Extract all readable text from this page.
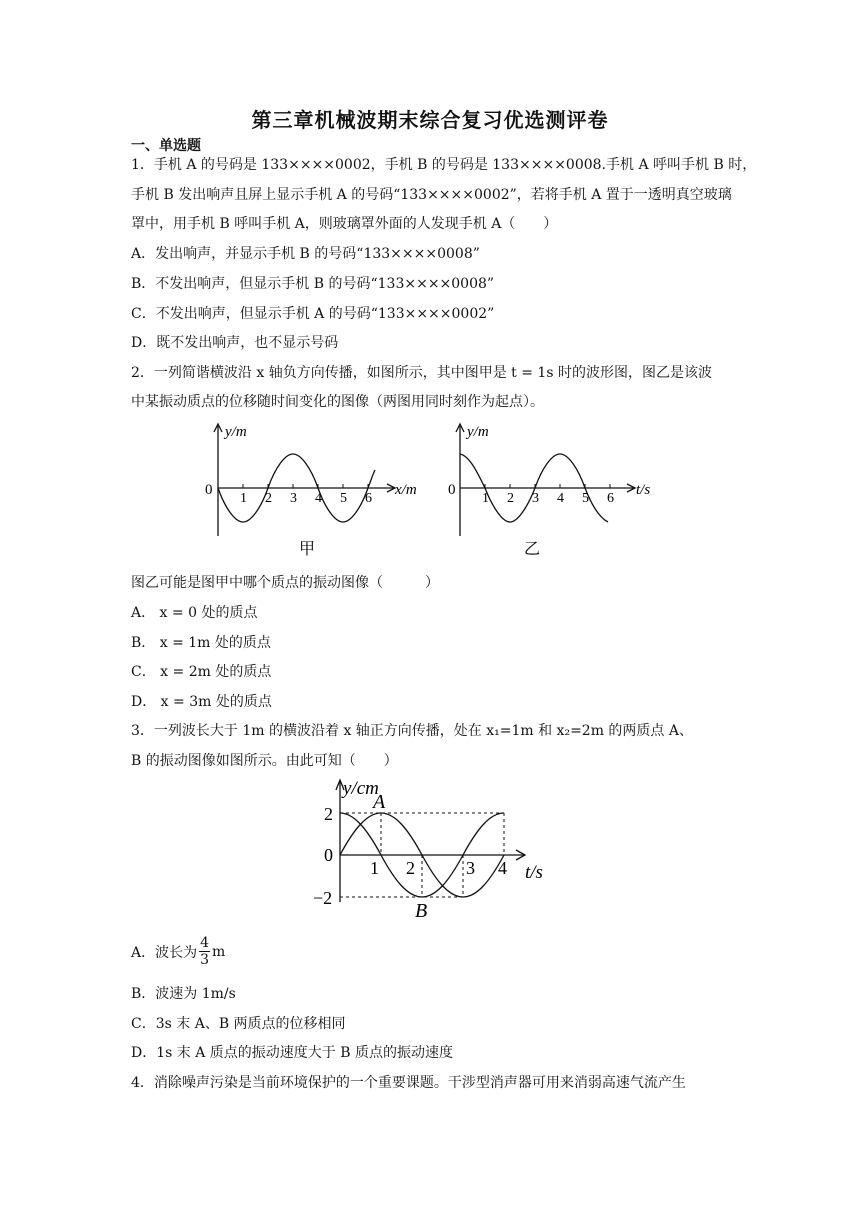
第三章机械波期末综合复习优选测评卷
一、单选题
1．手机 A 的号码是 133××××0002，手机 B 的号码是 133××××0008.手机 A 呼叫手机 B 时，
手机 B 发出响声且屏上显示手机 A 的号码“133××××0002”，若将手机 A 置于一透明真空玻璃
罩中，用手机 B 呼叫手机 A，则玻璃罩外面的人发现手机 A（　　）
A．发出响声，并显示手机 B 的号码“133××××0008”
B．不发出响声，但显示手机 B 的号码“133××××0008”
C．不发出响声，但显示手机 A 的号码“133××××0002”
D．既不发出响声，也不显示号码
2．一列简谐横波沿 x 轴负方向传播，如图所示，其中图甲是 t = 1s 时的波形图，图乙是该波
中某振动质点的位移随时间变化的图像（两图用同时刻作为起点）。
0
y/m
x/m
1 2 3 4 5 6
甲
0
y/m
t/s
1 2 3 4 5 6
乙
图乙可能是图甲中哪个质点的振动图像（　　　）
A． x = 0 处的质点
B． x = 1m 处的质点
C． x = 2m 处的质点
D． x = 3m 处的质点
3．一列波长大于 1m 的横波沿着 x 轴正方向传播，处在 x₁=1m 和 x₂=2m 的两质点 A、
B 的振动图像如图所示。由此可知（　　）
y/cm
t/s
0
2
−2
1 2	3 4
A
B
A．波长为 $\frac{4}{3}$ m
B．波速为 1m/s
C．3s 末 A、B 两质点的位移相同
D．1s 末 A 质点的振动速度大于 B 质点的振动速度
4．消除噪声污染是当前环境保护的一个重要课题。干涉型消声器可用来消弱高速气流产生
